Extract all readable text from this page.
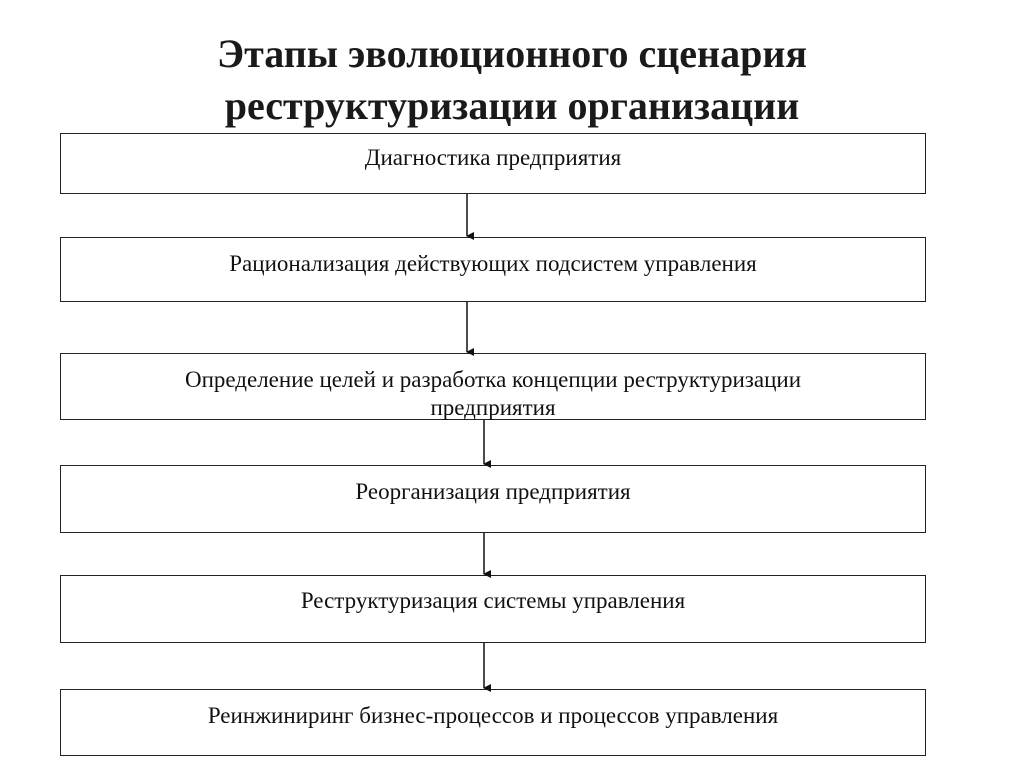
Этапы эволюционного сценария
реструктуризации организации
Диагностика предприятия
Рационализация действующих подсистем управления
Определение целей и разработка концепции реструктуризации
предприятия
Реорганизация предприятия
Реструктуризация системы управления
Реинжиниринг бизнес-процессов и процессов управления
